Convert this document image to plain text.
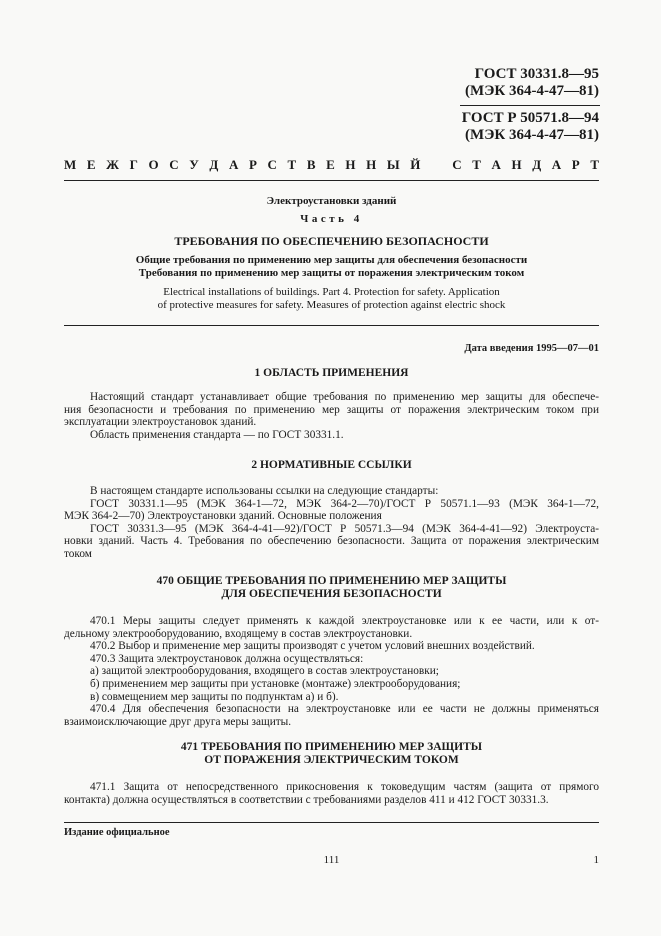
ГОСТ 30331.8—95
(МЭК 364-4-47—81)
ГОСТ Р 50571.8—94
(МЭК 364-4-47—81)
М Е Ж Г О С У Д А Р С Т В Е Н Н Ы Й С Т А Н Д А Р Т
Электроустановки зданий
Часть 4
ТРЕБОВАНИЯ ПО ОБЕСПЕЧЕНИЮ БЕЗОПАСНОСТИ
Общие требования по применению мер защиты для обеспечения безопасности
Требования по применению мер защиты от поражения электрическим током
Electrical installations of buildings. Part 4. Protection for safety. Application
of protective measures for safety. Measures of protection against electric shock
Дата введения 1995—07—01
1 ОБЛАСТЬ ПРИМЕНЕНИЯ
Настоящий стандарт устанавливает общие требования по применению мер защиты для обеспече-
ния безопасности и требования по применению мер защиты от поражения электрическим током при
эксплуатации электроустановок зданий.
Область применения стандарта — по ГОСТ 30331.1.
2 НОРМАТИВНЫЕ ССЫЛКИ
В настоящем стандарте использованы ссылки на следующие стандарты:
ГОСТ 30331.1—95 (МЭК 364-1—72, МЭК 364-2—70)/ГОСТ Р 50571.1—93 (МЭК 364-1—72,
МЭК 364-2—70) Электроустановки зданий. Основные положения
ГОСТ 30331.3—95 (МЭК 364-4-41—92)/ГОСТ Р 50571.3—94 (МЭК 364-4-41—92) Электроуста-
новки зданий. Часть 4. Требования по обеспечению безопасности. Защита от поражения электрическим
током
470 ОБЩИЕ ТРЕБОВАНИЯ ПО ПРИМЕНЕНИЮ МЕР ЗАЩИТЫ
ДЛЯ ОБЕСПЕЧЕНИЯ БЕЗОПАСНОСТИ
470.1 Меры защиты следует применять к каждой электроустановке или к ее части, или к от-
дельному электрооборудованию, входящему в состав электроустановки.
470.2 Выбор и применение мер защиты производят с учетом условий внешних воздействий.
470.3 Защита электроустановок должна осуществляться:
а) защитой электрооборудования, входящего в состав электроустановки;
б) применением мер защиты при установке (монтаже) электрооборудования;
в) совмещением мер защиты по подпунктам а) и б).
470.4 Для обеспечения безопасности на электроустановке или ее части не должны применяться
взаимоисключающие друг друга меры защиты.
471 ТРЕБОВАНИЯ ПО ПРИМЕНЕНИЮ МЕР ЗАЩИТЫ
ОТ ПОРАЖЕНИЯ ЭЛЕКТРИЧЕСКИМ ТОКОМ
471.1 Защита от непосредственного прикосновения к токоведущим частям (защита от прямого
контакта) должна осуществляться в соответствии с требованиями разделов 411 и 412 ГОСТ 30331.3.
Издание официальное
111	1
